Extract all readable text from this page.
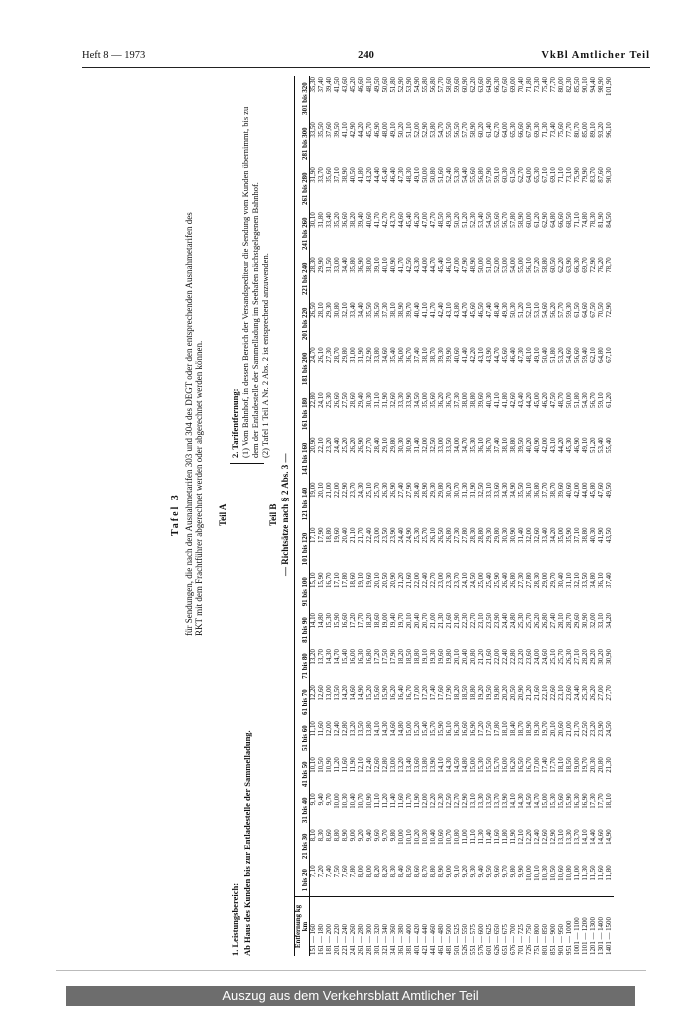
Heft 8 — 1973	240	VkBl Amtlicher Teil
Tafel 3 für Sendungen, die nach den Ausnahmetarifen 303 und 304 des DEGT oder den entsprechenden Ausnahmetarifen des RKT mit dem Frachtführer abgerechnet werden oder abgerechnet werden können. Teil A
1. Leistungsbereich: Ab Haus des Kunden bis zur Entladestelle der Sammelladung.
2. Tarifentfernung: (1) Vom Bahnhof, in dessen Bereich der Versandspediteur die Sendung vom Kunden übernimmt, bis zu dem der Entladestelle der Sammelladung im Seehafen nächstgelegenen Bahnhof. (2) Tafel 1 Teil A Nr. 2 Abs. 2 ist entsprechend anzuwenden.
Teil B — Richtsätze nach § 2 Abs. 3 —
Entfernung kg
km	1 bis 20	21 bis 30	31 bis 40	41 bis 50	51 bis 60	61 bis 70	71 bis 80	81 bis 90	91 bis 100	101 bis 120	121 bis 140	141 bis 160	161 bis 180	181 bis 200	201 bis 220	221 bis 240	241 bis 260	261 bis 280	281 bis 300	301 bis 320
151 — 160	7,10	8,10	9,10	10,10	11,10	12,20	13,20	14,10	15,10	17,10	19,00	20,90	22,80	24,70	26,50	28,30	30,10	31,90	33,50	35,30
161 — 180	7,20	8,30	9,40	10,50	11,60	12,60	13,70	14,80	15,90	17,90	20,10	22,10	24,10	26,10	28,10	29,90	31,80	33,70	35,50	37,40
181 — 200	7,40	8,60	9,70	10,90	12,00	13,00	14,30	15,30	16,70	18,80	21,00	23,20	25,30	27,30	29,30	31,50	33,40	35,60	37,60	39,40
201 — 220	7,50	8,80	10,00	11,20	12,40	13,50	14,70	15,90	17,10	19,60	22,00	24,40	26,60	28,70	30,80	33,00	35,20	37,10	39,50	41,50
221 — 240	7,60	8,90	10,30	11,60	12,80	14,20	15,40	16,60	17,80	20,40	22,90	25,20	27,50	29,80	32,10	34,40	36,60	38,90	41,10	43,60
241 — 260	7,80	9,00	10,40	11,90	13,20	14,60	16,00	17,20	18,60	21,10	23,70	26,20	28,60	31,00	33,40	35,80	38,20	40,50	42,90	45,20
261 — 280	8,00	9,20	10,70	12,10	13,50	14,90	16,30	17,70	19,10	21,70	24,30	26,90	29,40	31,90	34,40	36,90	39,40	41,80	44,20	46,60
281 — 300	8,00	9,40	10,90	12,40	13,80	15,20	16,80	18,20	19,60	22,40	25,10	27,70	30,30	32,90	35,50	38,00	40,60	43,20	45,70	48,10
301 — 320	8,20	9,60	11,10	12,60	14,10	15,60	17,20	18,60	20,10	23,00	25,70	28,40	31,10	33,80	36,50	39,10	41,70	44,40	46,90	49,50
321 — 340	8,20	9,70	11,20	12,80	14,30	15,90	17,50	19,00	20,50	23,50	26,30	29,10	31,90	34,60	37,30	40,10	42,70	45,40	48,00	50,60
341 — 360	8,30	9,80	11,40	13,00	14,60	16,20	17,90	19,40	20,90	23,90	26,90	29,80	32,60	35,40	38,10	40,90	43,70	46,40	49,10	51,80
361 — 380	8,40	10,00	11,60	13,20	14,80	16,40	18,20	19,70	21,20	24,40	27,40	30,30	33,30	36,00	38,90	41,70	44,60	47,30	50,20	52,90
381 — 400	8,50	10,10	11,70	13,40	15,00	16,70	18,50	20,10	21,60	24,90	27,90	30,90	33,90	36,70	39,70	42,50	45,40	48,30	51,10	53,90
401 — 420	8,60	10,20	11,90	13,60	15,20	17,00	18,80	20,40	22,00	25,30	28,40	31,40	34,50	37,40	40,40	43,30	46,20	49,10	52,00	54,90
421 — 440	8,70	10,30	12,00	13,80	15,40	17,20	19,10	20,70	22,40	25,70	28,90	32,00	35,00	38,10	41,10	44,00	47,00	50,00	52,90	55,80
441 — 460	8,80	10,40	12,20	13,90	15,70	17,40	19,30	21,00	22,70	26,10	29,30	32,50	35,60	38,70	41,70	44,70	47,70	50,80	53,80	56,80
461 — 480	8,90	10,60	12,30	14,10	15,90	17,60	19,60	21,30	23,00	26,50	29,80	33,00	36,20	39,30	42,40	45,40	48,50	51,60	54,70	57,70
481 — 500	9,00	10,70	12,50	14,30	16,10	17,90	19,80	21,60	23,30	26,80	30,20	33,50	36,70	39,90	43,10	46,10	49,30	52,40	55,50	58,60
501 — 525	9,10	10,80	12,70	14,50	16,30	18,20	20,10	21,90	23,70	27,30	30,70	34,00	37,30	40,60	43,80	47,00	50,20	53,30	56,50	59,60
526 — 550	9,20	11,00	12,90	14,80	16,60	18,50	20,40	22,30	24,10	27,80	31,30	34,70	38,00	41,40	44,70	47,90	51,20	54,40	57,70	60,90
551 — 575	9,30	11,10	13,10	15,00	16,90	18,80	20,80	22,70	24,50	28,30	31,90	35,30	38,80	42,20	45,60	48,90	52,30	55,60	58,90	62,20
576 — 600	9,40	11,30	13,30	15,30	17,20	19,20	21,20	23,10	25,00	28,80	32,50	36,10	39,60	43,10	46,50	50,00	53,40	56,80	60,20	63,60
601 — 625	9,50	11,40	13,50	15,50	17,50	19,50	21,60	23,50	25,40	29,30	33,10	36,70	40,30	43,90	47,40	51,00	54,50	57,90	61,40	64,90
626 — 650	9,60	11,60	13,70	15,70	17,80	19,80	22,00	23,90	25,90	29,80	33,60	37,40	41,10	44,70	48,40	52,00	55,60	59,10	62,70	66,30
651 — 675	9,70	11,80	13,90	16,00	18,10	20,20	22,40	24,40	26,40	30,30	34,30	38,10	41,80	45,60	49,30	53,00	56,70	60,30	64,00	67,60
676 — 700	9,80	11,90	14,10	16,20	18,40	20,50	22,80	24,80	26,80	30,90	34,90	38,80	42,60	46,40	50,30	54,00	57,80	61,50	65,30	69,00
701 — 725	9,90	12,10	14,30	16,50	18,70	20,90	23,20	25,30	27,30	31,40	35,50	39,50	43,40	47,30	51,20	55,00	58,90	62,70	66,60	70,40
726 — 750	10,00	12,20	14,50	16,70	18,90	21,20	23,60	25,70	27,80	32,00	36,10	40,20	44,20	48,10	52,10	56,10	60,00	64,00	67,90	71,80
751 — 800	10,10	12,40	14,70	17,00	19,30	21,60	24,00	26,20	28,30	32,60	36,80	40,90	45,00	49,10	53,10	57,20	61,20	65,30	69,30	73,30
801 — 850	10,30	12,60	15,00	17,40	19,70	22,10	24,60	26,80	29,00	33,40	37,70	42,00	46,20	50,40	54,60	58,80	62,90	67,10	71,30	75,40
851 — 900	10,50	12,90	15,30	17,70	20,10	22,60	25,10	27,40	29,70	34,20	38,70	43,10	47,50	51,80	56,20	60,50	64,80	69,10	73,40	77,70
901 — 950	10,60	13,10	15,60	18,10	20,60	23,10	25,70	28,10	30,40	35,00	39,60	44,20	48,70	53,20	57,70	62,20	66,60	71,10	75,60	80,00
951 — 1000	10,80	13,30	15,90	18,50	21,00	23,60	26,30	28,70	31,10	35,90	40,60	45,30	50,00	54,60	59,30	63,90	68,50	73,10	77,70	82,30
1001 — 1100	11,00	13,70	16,30	19,00	21,70	24,40	27,10	29,60	32,10	37,10	42,00	46,90	51,80	56,60	61,50	66,30	71,10	75,90	80,70	85,50
1101 — 1200	11,30	14,10	16,90	19,70	22,50	25,30	28,20	30,90	33,50	38,80	44,00	49,10	54,30	59,40	64,60	69,70	74,80	79,90	85,00	90,10
1201 — 1300	11,50	14,40	17,30	20,30	23,20	26,20	29,20	32,00	34,80	40,30	45,80	51,20	56,70	62,10	67,50	72,90	78,30	83,70	89,10	94,40
1301 — 1400	11,60	14,60	17,70	20,80	23,90	27,00	30,20	33,10	36,10	41,90	47,60	53,40	59,10	64,80	70,50	76,20	81,90	87,60	93,20	98,90
1401 — 1500	11,80	14,90	18,10	21,30	24,50	27,70	30,90	34,20	37,40	43,50	49,50	55,40	61,20	67,10	72,90	78,70	84,50	90,30	96,10	101,90
Auszug aus dem Verkehrsblatt Amtlicher Teil
